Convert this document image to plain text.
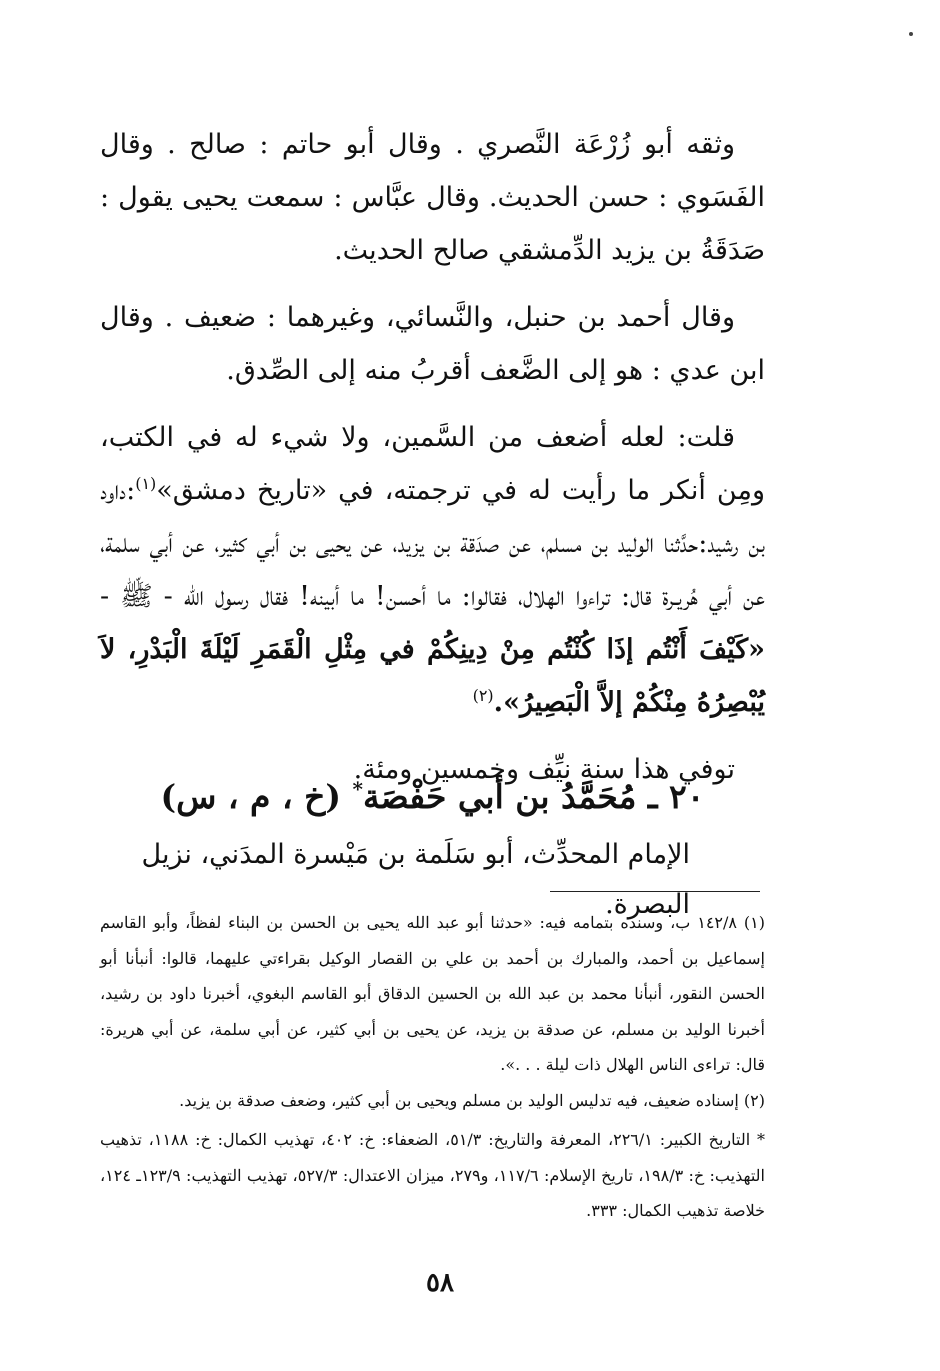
وثقه أبو زُرْعَة النَّصري . وقال أبو حاتم : صالح . وقال الفَسَوي : حسن الحديث. وقال عبَّاس : سمعت يحيى يقول : صَدَقَةُ بن يزيد الدِّمشقي صالح الحديث.

وقال أحمد بن حنبل، والنَّسائي، وغيرهما : ضعيف . وقال ابن عدي : هو إلى الضَّعف أقربُ منه إلى الصِّدق.

قلت: لعله أضعف من السَّمين، ولا شيء له في الكتب، ومِن أنكر ما رأيت له في ترجمته، في «تاريخ دمشق»$^{(١)}$:داود بن رشيد:حدَّثنا الوليد بن مسلم، عن صدَقة بن يزيد، عن يحيى بن أبي كثير، عن أبي سلمة، عن أبي هُريـرة قال: تراءوا الهلال، فقالوا: ما أحسن! ما أبينه! فقال رسول الله - ﷺ - «كَيْفَ أَنْتُم إذَا كُنْتُم مِنْ دِينِكُمْ في مِثْلِ الْقَمَرِ لَيْلَةَ الْبَدْرِ، لاَ يُبْصِرُهُ مِنْكُمْ إلاَّ الْبَصِيرُ».$^{(٢)}$

توفي هذا سنة نيِّف وخمسين ومئة.

٢٠ ـ مُحَمَّدُ بن أبي حَفْصَة* (خ ، م ، س)
الإمام المحدِّث، أبو سَلَمة بن مَيْسرة المدَني، نزيل البصرة.

(١) ١٤٢/٨ ب، وسنده بتمامه فيه: «حدثنا أبو عبد الله يحيى بن الحسن بن البناء لفظاً، وأبو القاسم إسماعيل بن أحمد، والمبارك بن أحمد بن علي بن القصار الوكيل بقراءتي عليهما، قالوا: أنبأنا أبو الحسن النقور، أنبأنا محمد بن عبد الله بن الحسين الدقاق أبو القاسم البغوي، أخبرنا داود بن رشيد، أخبرنا الوليد بن مسلم، عن صدقة بن يزيد، عن يحيى بن أبي كثير، عن أبي سلمة، عن أبي هريرة: قال: تراءى الناس الهلال ذات ليلة . . .».

(٢) إسناده ضعيف، فيه تدليس الوليد بن مسلم ويحيى بن أبي كثير، وضعف صدقة بن يزيد.

* التاريخ الكبير: ٢٢٦/١، المعرفة والتاريخ: ٥١/٣، الضعفاء: خ: ٤٠٢، تهذيب الكمال: خ: ١١٨٨، تذهيب التهذيب: خ: ١٩٨/٣، تاريخ الإسلام: ١١٧/٦، و٢٧٩، ميزان الاعتدال: ٥٢٧/٣، تهذيب التهذيب: ١٢٣/٩ـ ١٢٤، خلاصة تذهيب الكمال: ٣٣٣.

٥٨
